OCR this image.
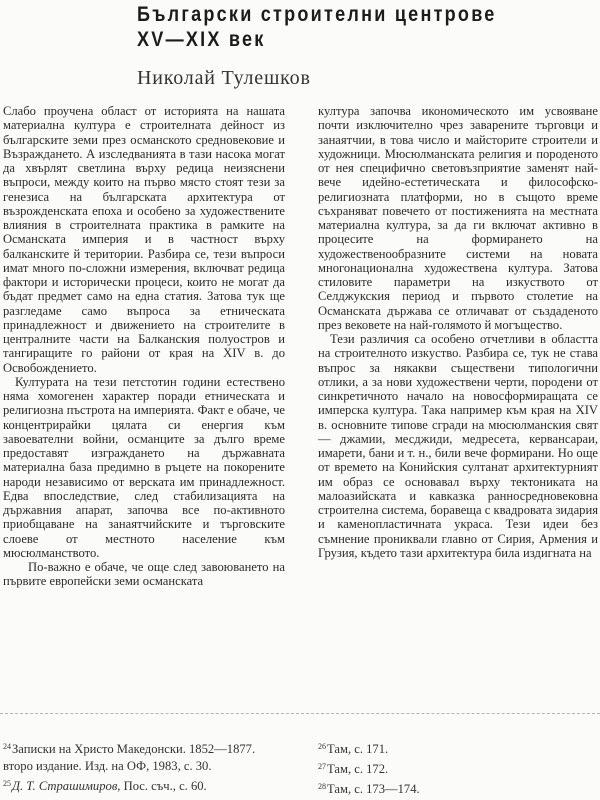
Български строителни центрове
XV—XIX век
Николай Тулешков

Слабо проучена област от историята на нашата материална култура е строителната дейност из българските земи през османското средновековие и Възраждането. А изследванията в тази насока могат да хвърлят светлина върху редица неизяснени въпроси, между които на първо място стоят тези за генезиса на българската архитектура от възрожденската епоха и особено за художествените влияния в строителната практика в рамките на Османската империя и в частност върху балканските й територии. Разбира се, тези въпроси имат много по-сложни измерения, включват редица фактори и исторически процеси, които не могат да бъдат предмет само на една статия. Затова тук ще разгледаме само въпроса за етническата принадлежност и движението на строителите в централните части на Балканския полуостров и тангиращите го райони от края на XIV в. до Освобождението.

Културата на тези петстотин години естествено няма хомогенен характер поради етническата и религиозна пъстрота на империята. Факт е обаче, че концентрирайки цялата си енергия към завоевателни войни, османците за дълго време предоставят изграждането на държавната материална база предимно в ръцете на покорените народи независимо от верската им принадлежност. Едва впоследствие, след стабилизацията на държавния апарат, започва все по-активното приобщаване на занаятчийските и търговските слоеве от местното население към мюсюлманството.

По-важно е обаче, че още след завоюването на първите европейски земи османската

култура започва икономическото им усвояване почти изключително чрез заварените търговци и занаятчии, в това число и майсторите строители и художници. Мюсюлманската религия и породеното от нея специфично световъзприятие заменят най-вече идейно-естетическата и философско-религиозната платформи, но в същото време съхраняват повечето от постиженията на местната материална култура, за да ги включат активно в процесите на формирането на художественообразните системи на новата многонационална художествена култура. Затова стиловите параметри на изкуството от Селджукския период и първото столетие на Османската държава се отличават от създаденото през вековете на най-голямото й могъщество.

Тези различия са особено отчетливи в областта на строителното изкуство. Разбира се, тук не става въпрос за някакви съществени типологични отлики, а за нови художествени черти, породени от синкретичното начало на новосформиращата се имперска култура. Така например към края на XIV в. основните типове сгради на мюсюлманския свят — джамии, месджиди, медресета, кервансараи, имарети, бани и т. н., били вече формирани. Но още от времето на Конийския султанат архитектурният им образ се основавал върху тектониката на малоазийската и кавказка ранносредновековна строителна система, боравеща с квадровата зидария и каменопластичната украса. Тези идеи без съмнение прониквали главно от Сирия, Армения и Грузия, където тази архитектура била издигната на

$^{24}$Записки на Христо Македонски. 1852—1877.
второ издание. Изд. на ОФ, 1983, с. 30.
$^{25}$Д. Т. Страшимиров, Пос. съч., с. 60.
$^{26}$Там, с. 171.
$^{27}$Там, с. 172.
$^{28}$Там, с. 173—174.
